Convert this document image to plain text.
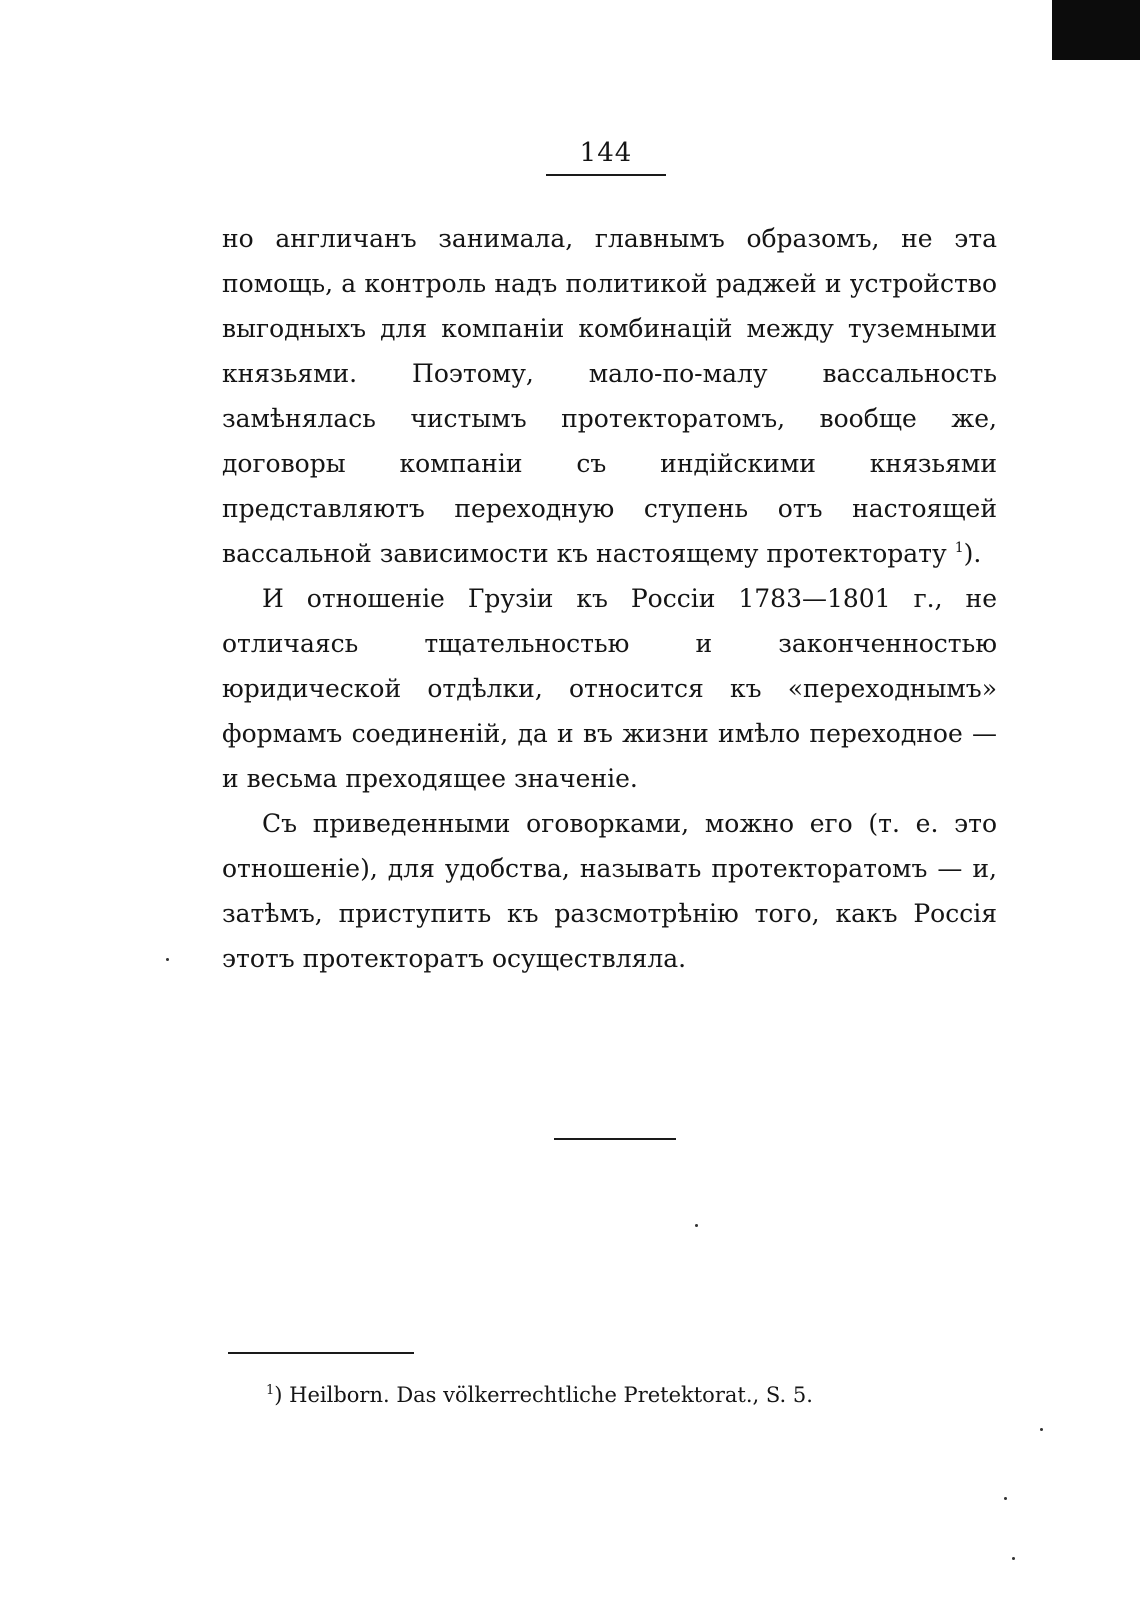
144

но англичанъ занимала, главнымъ образомъ, не эта помощь, а контроль надъ политикой раджей и устройство выгодныхъ для компаніи комбинацій между туземными князьями. Поэтому, мало-по-малу вассальность замѣнялась чистымъ протекторатомъ, вообще же, договоры компаніи съ индійскими князьями представляютъ переходную ступень отъ настоящей вассальной зависимости къ настоящему протекторату $^1$).

И отношеніе Грузіи къ Россіи 1783—1801 г., не отличаясь тщательностью и законченностью юридической отдѣлки, относится къ «переходнымъ» формамъ соединеній, да и въ жизни имѣло переходное — и весьма преходящее значеніе.

Съ приведенными оговорками, можно его (т. е. это отношеніе), для удобства, называть протекторатомъ — и, затѣмъ, приступить къ разсмотрѣнію того, какъ Россія этотъ протекторатъ осуществляла.

$^1$) Heilborn. Das völkerrechtliche Pretektorat., S. 5.
